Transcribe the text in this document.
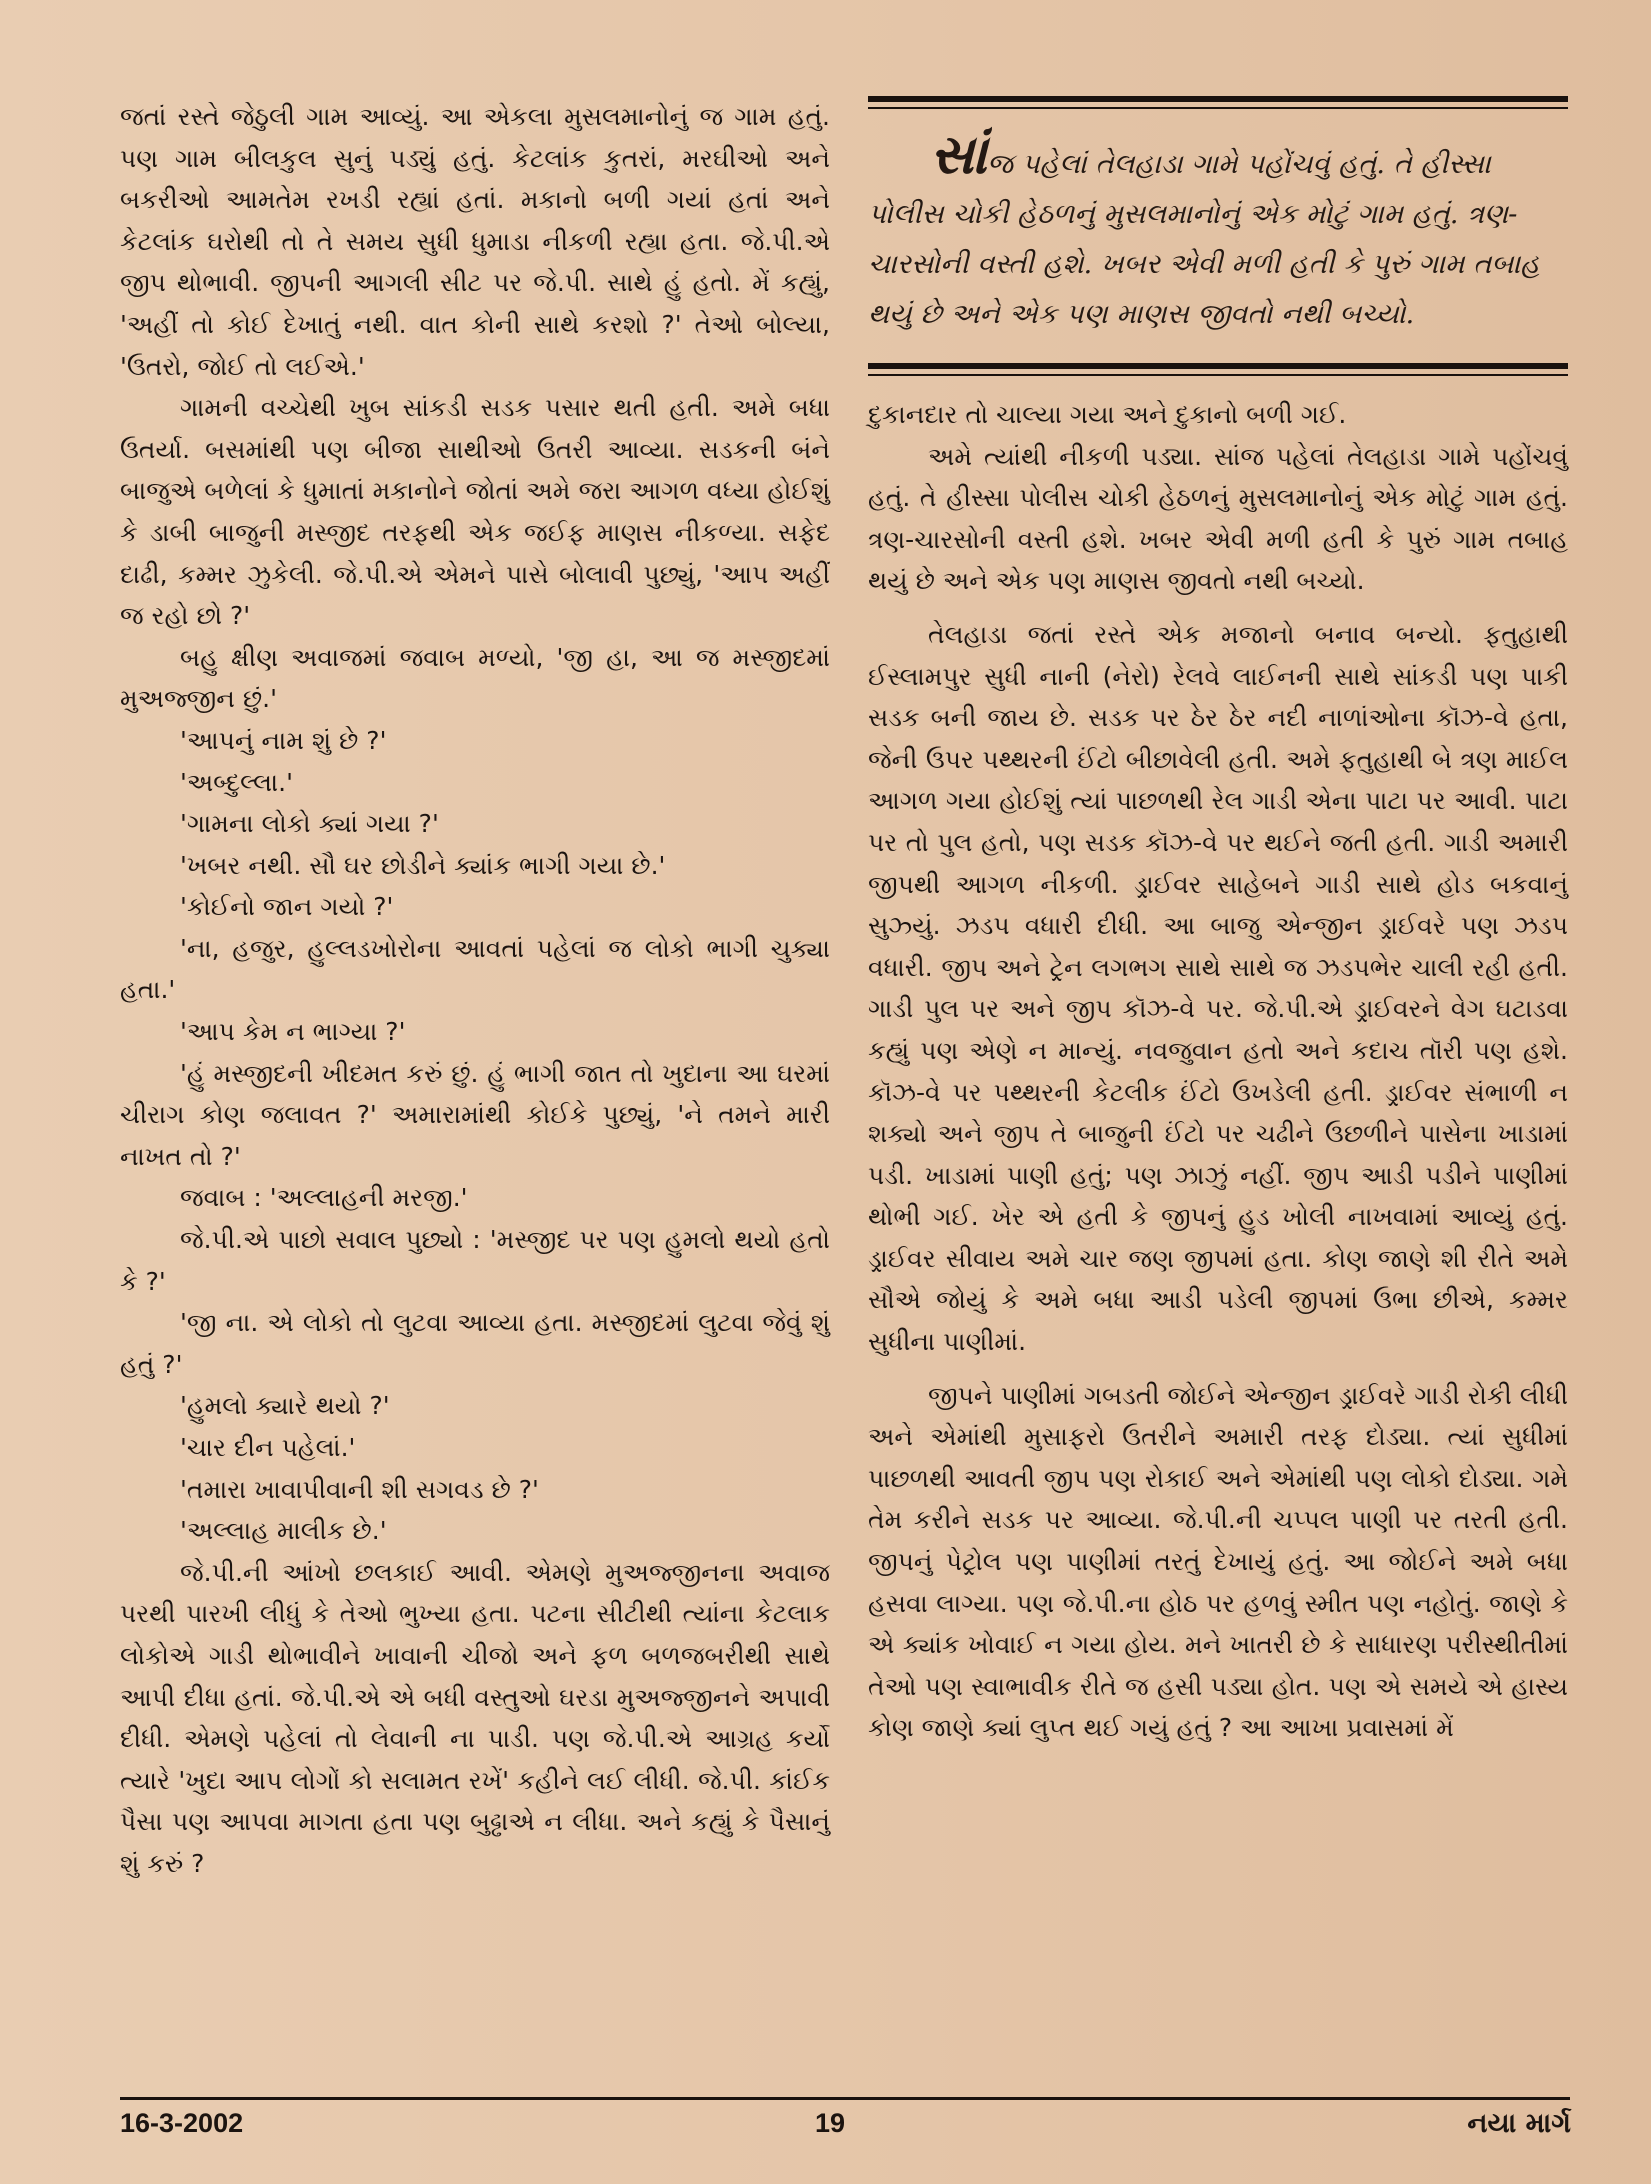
જતાં રસ્તે જેઠુલી ગામ આવ્યું. આ એકલા મુસલમાનોનું જ ગામ હતું. પણ ગામ બીલકુલ સુનું પડ્યું હતું. કેટલાંક કુતરાં, મરઘીઓ અને બકરીઓ આમતેમ રખડી રહ્યાં હતાં. મકાનો બળી ગયાં હતાં અને કેટલાંક ઘરોથી તો તે સમય સુધી ધુમાડા નીકળી રહ્યા હતા. જે.પી.એ જીપ થોભાવી. જીપની આગલી સીટ પર જે.પી. સાથે હું હતો. મેં કહ્યું, 'અહીં તો કોઈ દેખાતું નથી. વાત કોની સાથે કરશો ?' તેઓ બોલ્યા, 'ઉતરો, જોઈ તો લઈએ.'

ગામની વચ્ચેથી ખુબ સાંકડી સડક પસાર થતી હતી. અમે બધા ઉતર્યા. બસમાંથી પણ બીજા સાથીઓ ઉતરી આવ્યા. સડકની બંને બાજુએ બળેલાં કે ધુમાતાં મકાનોને જોતાં અમે જરા આગળ વધ્યા હોઈશું કે ડાબી બાજુની મસ્જીદ તરફથી એક જઈફ માણસ નીકળ્યા. સફેદ દાઢી, કમ્મર ઝુકેલી. જે.પી.એ એમને પાસે બોલાવી પુછ્યું, 'આપ અહીં જ રહો છો ?'

બહુ ક્ષીણ અવાજમાં જવાબ મળ્યો, 'જી હા, આ જ મસ્જીદમાં મુઅજ્જીન છું.'

'આપનું નામ શું છે ?'

'અબ્દુલ્લા.'

'ગામના લોકો ક્યાં ગયા ?'

'ખબર નથી. સૌ ઘર છોડીને ક્યાંક ભાગી ગયા છે.'

'કોઈનો જાન ગયો ?'

'ના, હજુર, હુલ્લડખોરોના આવતાં પહેલાં જ લોકો ભાગી ચુક્યા હતા.'

'આપ કેમ ન ભાગ્યા ?'

'હું મસ્જીદની ખીદમત કરું છું. હું ભાગી જાત તો ખુદાના આ ઘરમાં ચીરાગ કોણ જલાવત ?' અમારામાંથી કોઈકે પુછ્યું, 'ને તમને મારી નાખત તો ?'

જવાબ : 'અલ્લાહની મરજી.'

જે.પી.એ પાછો સવાલ પુછ્યો : 'મસ્જીદ પર પણ હુમલો થયો હતો કે ?'

'જી ના. એ લોકો તો લુટવા આવ્યા હતા. મસ્જીદમાં લુટવા જેવું શું હતું ?'

'હુમલો ક્યારે થયો ?'

'ચાર દીન પહેલાં.'

'તમારા ખાવાપીવાની શી સગવડ છે ?'

'અલ્લાહ માલીક છે.'

જે.પી.ની આંખો છલકાઈ આવી. એમણે મુઅજ્જીનના અવાજ પરથી પારખી લીધું કે તેઓ ભુખ્યા હતા. પટના સીટીથી ત્યાંના કેટલાક લોકોએ ગાડી થોભાવીને ખાવાની ચીજો અને ફળ બળજબરીથી સાથે આપી દીધા હતાં. જે.પી.એ એ બધી વસ્તુઓ ઘરડા મુઅજ્જીનને અપાવી દીધી. એમણે પહેલાં તો લેવાની ના પાડી. પણ જે.પી.એ આગ્રહ કર્યો ત્યારે 'ખુદા આપ લોગોં કો સલામત રખેં' કહીને લઈ લીધી. જે.પી. કાંઈક પૈસા પણ આપવા માગતા હતા પણ બુઢ્ઢાએ ન લીધા. અને કહ્યું કે પૈસાનું શું કરું ?

સાંજ પહેલાં તેલહાડા ગામે પહોંચવું હતું. તે હીસ્સા પોલીસ ચોકી હેઠળનું મુસલમાનોનું એક મોટું ગામ હતું. ત્રણ-ચારસોની વસ્તી હશે. ખબર એવી મળી હતી કે પુરું ગામ તબાહ થયું છે અને એક પણ માણસ જીવતો નથી બચ્યો.

દુકાનદાર તો ચાલ્યા ગયા અને દુકાનો બળી ગઈ.

અમે ત્યાંથી નીકળી પડ્યા. સાંજ પહેલાં તેલહાડા ગામે પહોંચવું હતું. તે હીસ્સા પોલીસ ચોકી હેઠળનું મુસલમાનોનું એક મોટું ગામ હતું. ત્રણ-ચારસોની વસ્તી હશે. ખબર એવી મળી હતી કે પુરું ગામ તબાહ થયું છે અને એક પણ માણસ જીવતો નથી બચ્યો.

તેલહાડા જતાં રસ્તે એક મજાનો બનાવ બન્યો. ફતુહાથી ઈસ્લામપુર સુધી નાની (નેરો) રેલવે લાઈનની સાથે સાંકડી પણ પાકી સડક બની જાય છે. સડક પર ઠેર ઠેર નદી નાળાંઓના કૉઝ-વે હતા, જેની ઉપર પથ્થરની ઈંટો બીછાવેલી હતી. અમે ફતુહાથી બે ત્રણ માઈલ આગળ ગયા હોઈશું ત્યાં પાછળથી રેલ ગાડી એના પાટા પર આવી. પાટા પર તો પુલ હતો, પણ સડક કૉઝ-વે પર થઈને જતી હતી. ગાડી અમારી જીપથી આગળ નીકળી. ડ્રાઈવર સાહેબને ગાડી સાથે હોડ બકવાનું સુઝ્યું. ઝડપ વધારી દીધી. આ બાજુ એન્જીન ડ્રાઈવરે પણ ઝડપ વધારી. જીપ અને ટ્રેન લગભગ સાથે સાથે જ ઝડપભેર ચાલી રહી હતી. ગાડી પુલ પર અને જીપ કૉઝ-વે પર. જે.પી.એ ડ્રાઈવરને વેગ ઘટાડવા કહ્યું પણ એણે ન માન્યું. નવજુવાન હતો અને કદાચ તૉરી પણ હશે. કૉઝ-વે પર પથ્થરની કેટલીક ઈંટો ઉખડેલી હતી. ડ્રાઈવર સંભાળી ન શક્યો અને જીપ તે બાજુની ઈંટો પર ચઢીને ઉછળીને પાસેના ખાડામાં પડી. ખાડામાં પાણી હતું; પણ ઝાઝું નહીં. જીપ આડી પડીને પાણીમાં થોભી ગઈ. ખેર એ હતી કે જીપનું હુડ ખોલી નાખવામાં આવ્યું હતું. ડ્રાઈવર સીવાય અમે ચાર જણ જીપમાં હતા. કોણ જાણે શી રીતે અમે સૌએ જોયું કે અમે બધા આડી પડેલી જીપમાં ઉભા છીએ, કમ્મર સુધીના પાણીમાં.

જીપને પાણીમાં ગબડતી જોઈને એન્જીન ડ્રાઈવરે ગાડી રોકી લીધી અને એમાંથી મુસાફરો ઉતરીને અમારી તરફ દોડ્યા. ત્યાં સુધીમાં પાછળથી આવતી જીપ પણ રોકાઈ અને એમાંથી પણ લોકો દોડ્યા. ગમે તેમ કરીને સડક પર આવ્યા. જે.પી.ની ચપ્પલ પાણી પર તરતી હતી. જીપનું પેટ્રોલ પણ પાણીમાં તરતું દેખાયું હતું. આ જોઈને અમે બધા હસવા લાગ્યા. પણ જે.પી.ના હોઠ પર હળવું સ્મીત પણ નહોતું. જાણે કે એ ક્યાંક ખોવાઈ ન ગયા હોય. મને ખાતરી છે કે સાધારણ પરીસ્થીતીમાં તેઓ પણ સ્વાભાવીક રીતે જ હસી પડ્યા હોત. પણ એ સમયે એ હાસ્ય કોણ જાણે ક્યાં લુપ્ત થઈ ગયું હતું ? આ આખા પ્રવાસમાં મેં

16-3-2002	19	નયા માર્ગ
